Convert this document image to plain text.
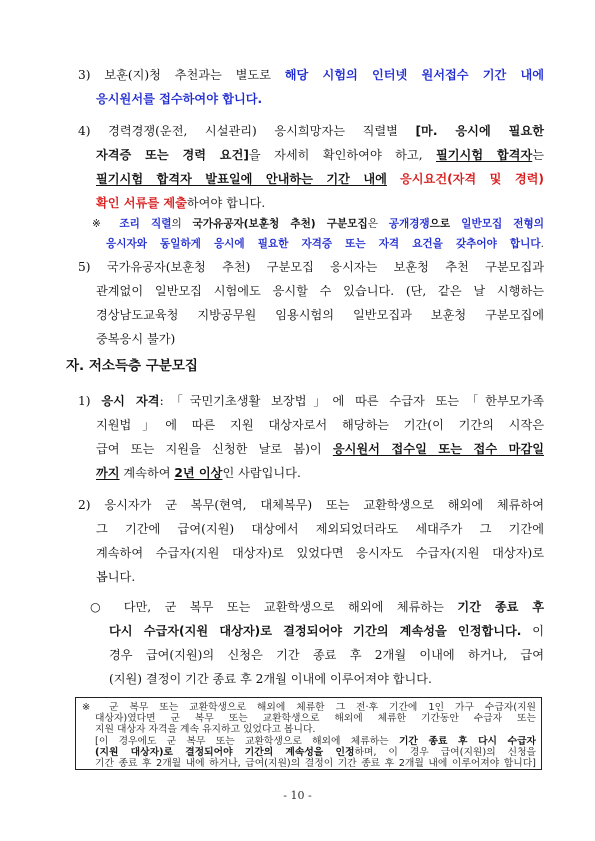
3) 보훈(지)청 추천과는 별도로 해당 시험의 인터넷 원서접수 기간 내에
응시원서를 접수하여야 합니다.
4) 경력경쟁(운전, 시설관리) 응시희망자는 직렬별 [마. 응시에 필요한
자격증 또는 경력 요건]을 자세히 확인하여야 하고, 필기시험 합격자는
필기시험 합격자 발표일에 안내하는 기간 내에 응시요건(자격 및 경력)
확인 서류를 제출하여야 합니다.
※ 조리 직렬의 국가유공자(보훈청 추천) 구분모집은 공개경쟁으로 일반모집 전형의
응시자와 동일하게 응시에 필요한 자격증 또는 자격 요건을 갖추어야 합니다.
5) 국가유공자(보훈청 추천) 구분모집 응시자는 보훈청 추천 구분모집과
관계없이 일반모집 시험에도 응시할 수 있습니다. (단, 같은 날 시행하는
경상남도교육청 지방공무원 임용시험의 일반모집과 보훈청 구분모집에
중복응시 불가)
자. 저소득층 구분모집
1) 응시 자격:「국민기초생활 보장법」에 따른 수급자 또는「한부모가족
지원법」에 따른 지원 대상자로서 해당하는 기간(이 기간의 시작은
급여 또는 지원을 신청한 날로 봄)이 응시원서 접수일 또는 접수 마감일
까지 계속하여 2년 이상인 사람입니다.
2) 응시자가 군 복무(현역, 대체복무) 또는 교환학생으로 해외에 체류하여
그 기간에 급여(지원) 대상에서 제외되었더라도 세대주가 그 기간에
계속하여 수급자(지원 대상자)로 있었다면 응시자도 수급자(지원 대상자)로
봅니다.
○ 다만, 군 복무 또는 교환학생으로 해외에 체류하는 기간 종료 후
다시 수급자(지원 대상자)로 결정되어야 기간의 계속성을 인정합니다. 이
경우 급여(지원)의 신청은 기간 종료 후 2개월 이내에 하거나, 급여
(지원) 결정이 기간 종료 후 2개월 이내에 이루어져야 합니다.
※ 군 복무 또는 교환학생으로 해외에 체류한 그 전·후 기간에 1인 가구 수급자(지원
대상자)였다면 군 복무 또는 교환학생으로 해외에 체류한 기간동안 수급자 또는
지원 대상자 자격을 계속 유지하고 있었다고 봅니다.
[이 경우에도 군 복무 또는 교환학생으로 해외에 체류하는 기간 종료 후 다시 수급자
(지원 대상자)로 결정되어야 기간의 계속성을 인정하며, 이 경우 급여(지원)의 신청을
기간 종료 후 2개월 내에 하거나, 급여(지원)의 결정이 기간 종료 후 2개월 내에 이루어져야 합니다]
- 10 -
